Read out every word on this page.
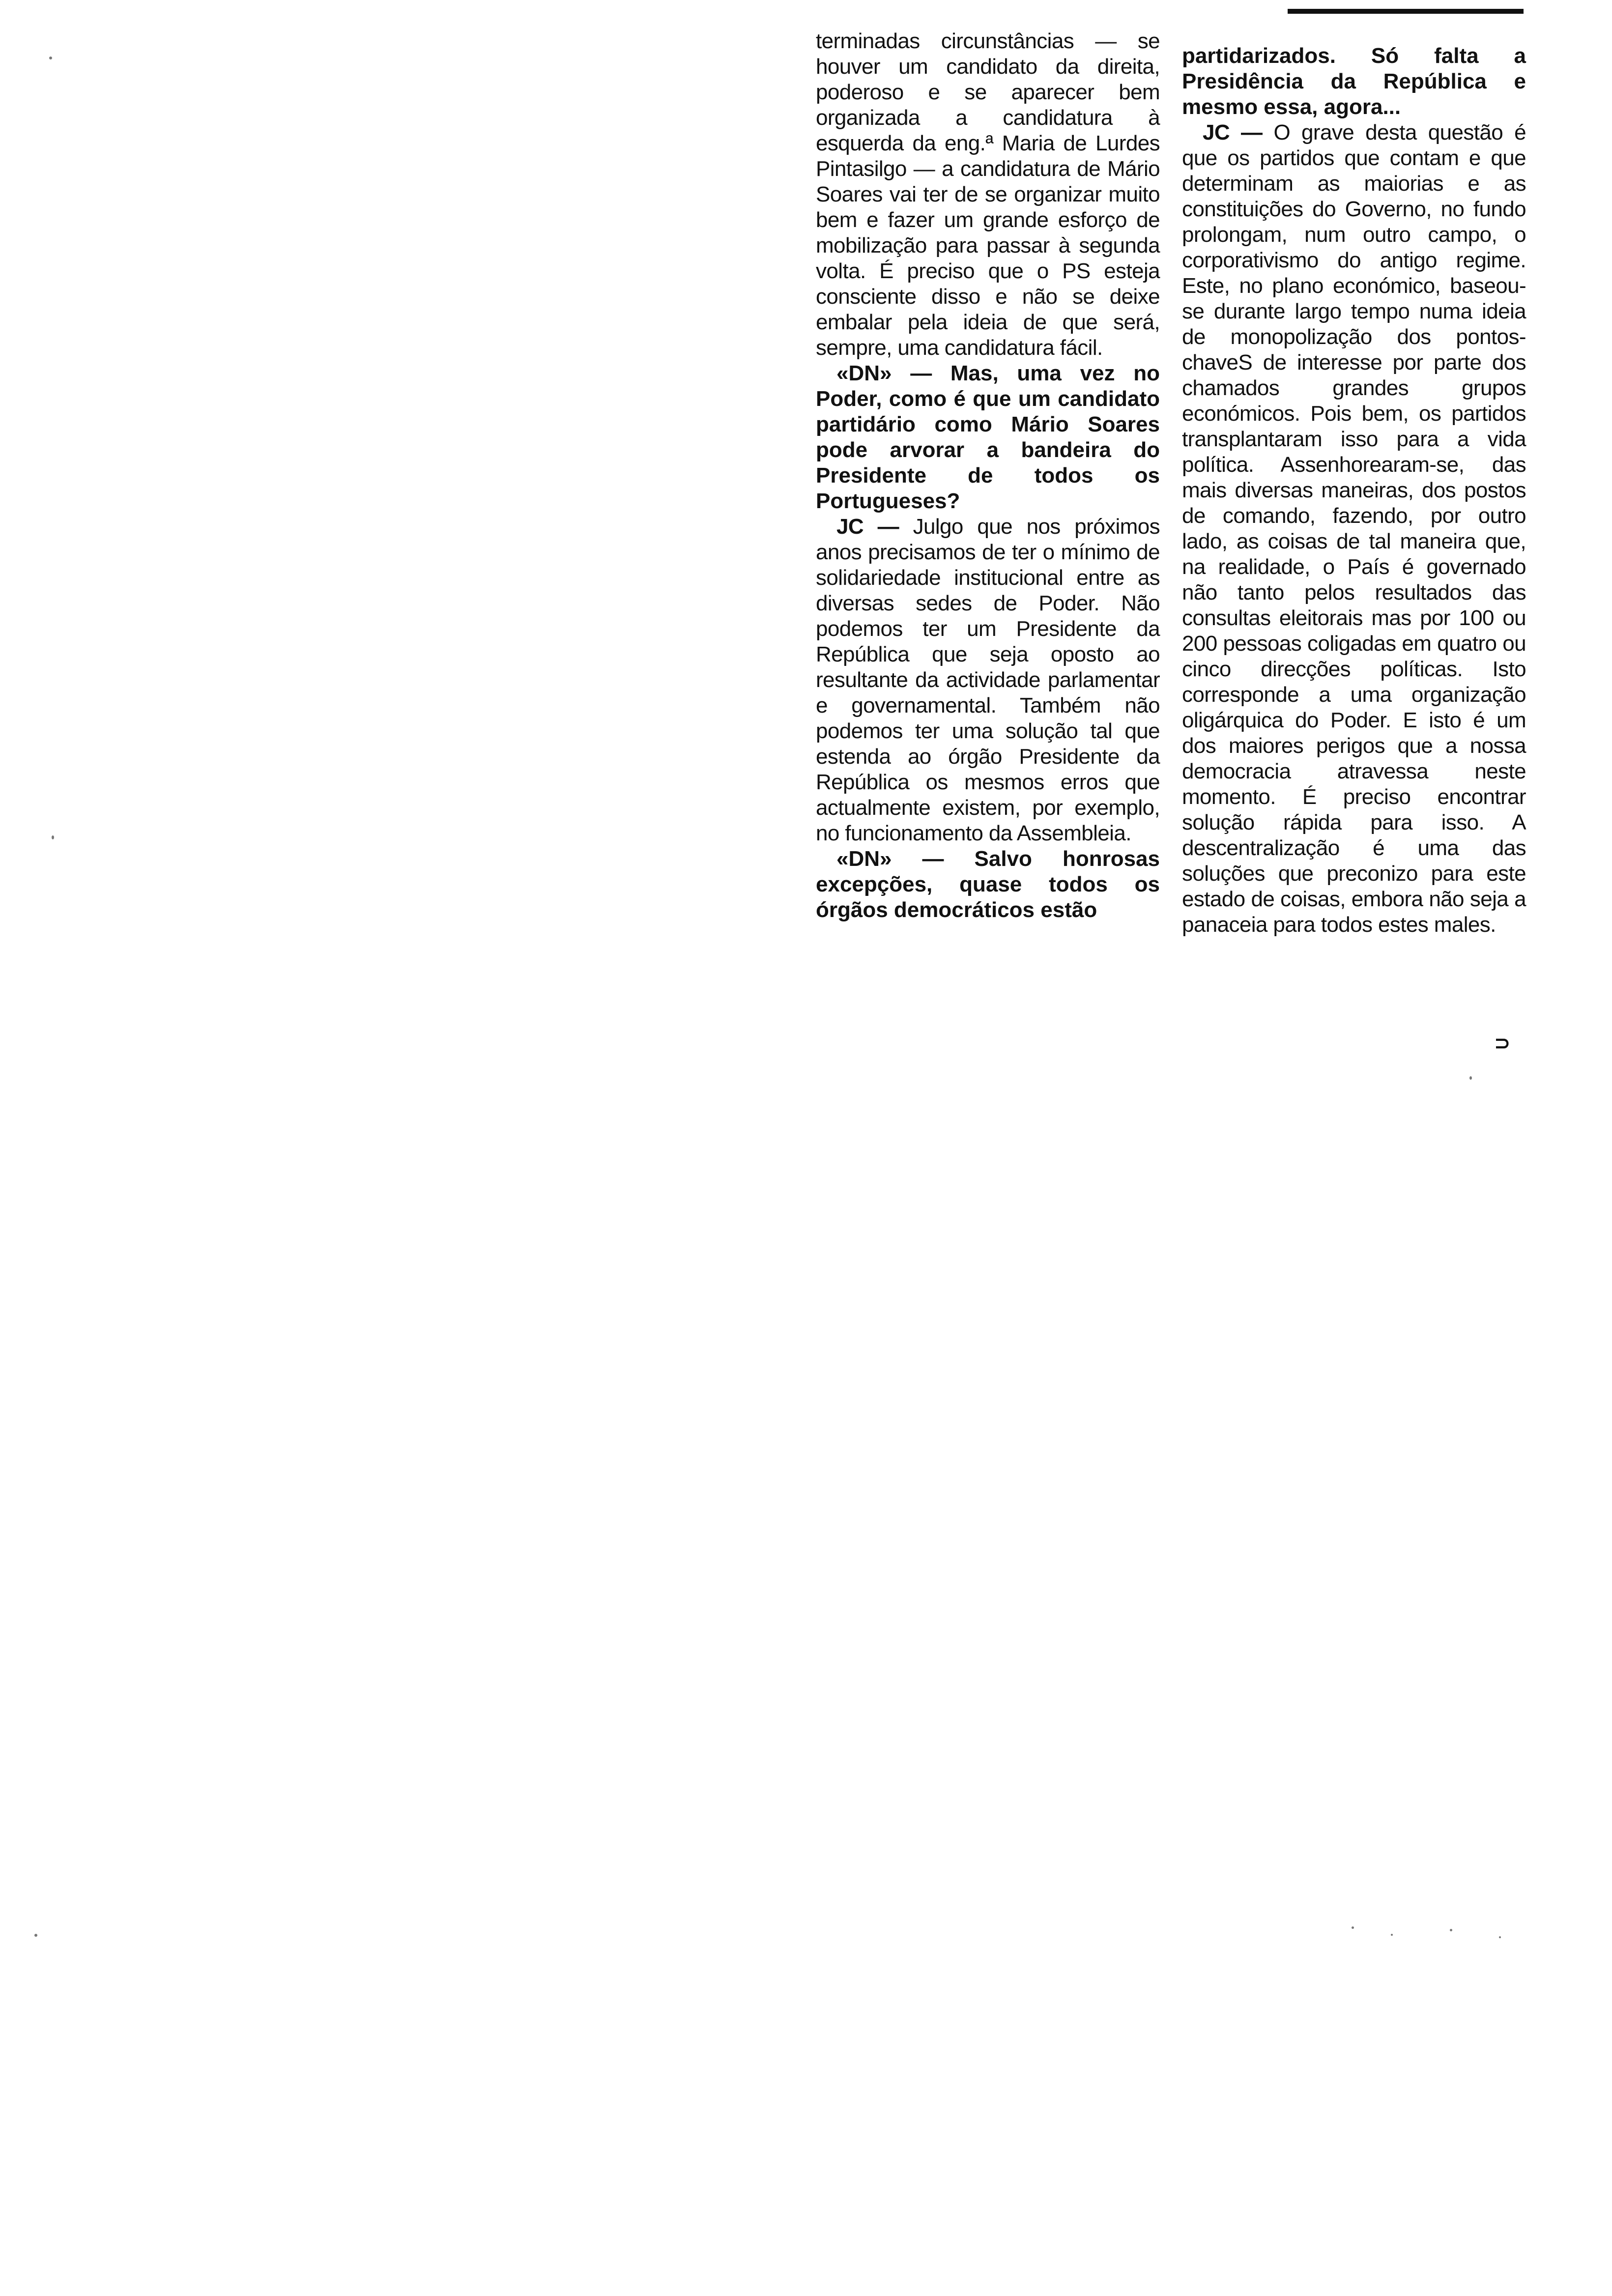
terminadas circunstâncias — se houver um candidato da direita, poderoso e se aparecer bem organizada a candidatura à esquerda da eng.ª Maria de Lurdes Pintasilgo — a candidatura de Mário Soares vai ter de se organizar muito bem e fazer um grande esforço de mobilização para passar à segunda volta. É preciso que o PS esteja consciente disso e não se deixe embalar pela ideia de que será, sempre, uma candidatura fácil.

«DN» — Mas, uma vez no Poder, como é que um candidato partidário como Mário Soares pode arvorar a bandeira do Presidente de todos os Portugueses?

JC — Julgo que nos próximos anos precisamos de ter o mínimo de solidariedade institucional entre as diversas sedes de Poder. Não podemos ter um Presidente da República que seja oposto ao resultante da actividade parlamentar e governamental. Também não podemos ter uma solução tal que estenda ao órgão Presidente da República os mesmos erros que actualmente existem, por exemplo, no funcionamento da Assembleia.

«DN» — Salvo honrosas excepções, quase todos os órgãos democráticos estão

partidarizados. Só falta a Presidência da República e mesmo essa, agora...

JC — O grave desta questão é que os partidos que contam e que determinam as maiorias e as constituições do Governo, no fundo prolongam, num outro campo, o corporativismo do antigo regime. Este, no plano económico, baseou-se durante largo tempo numa ideia de monopolização dos pontos-chaveS de interesse por parte dos chamados grandes grupos económicos. Pois bem, os partidos transplantaram isso para a vida política. Assenhorearam-se, das mais diversas maneiras, dos postos de comando, fazendo, por outro lado, as coisas de tal maneira que, na realidade, o País é governado não tanto pelos resultados das consultas eleitorais mas por 100 ou 200 pessoas coligadas em quatro ou cinco direcções políticas. Isto corresponde a uma organização oligárquica do Poder. E isto é um dos maiores perigos que a nossa democracia atravessa neste momento. É preciso encontrar solução rápida para isso. A descentralização é uma das soluções que preconizo para este estado de coisas, embora não seja a panaceia para todos estes males.

⊃
